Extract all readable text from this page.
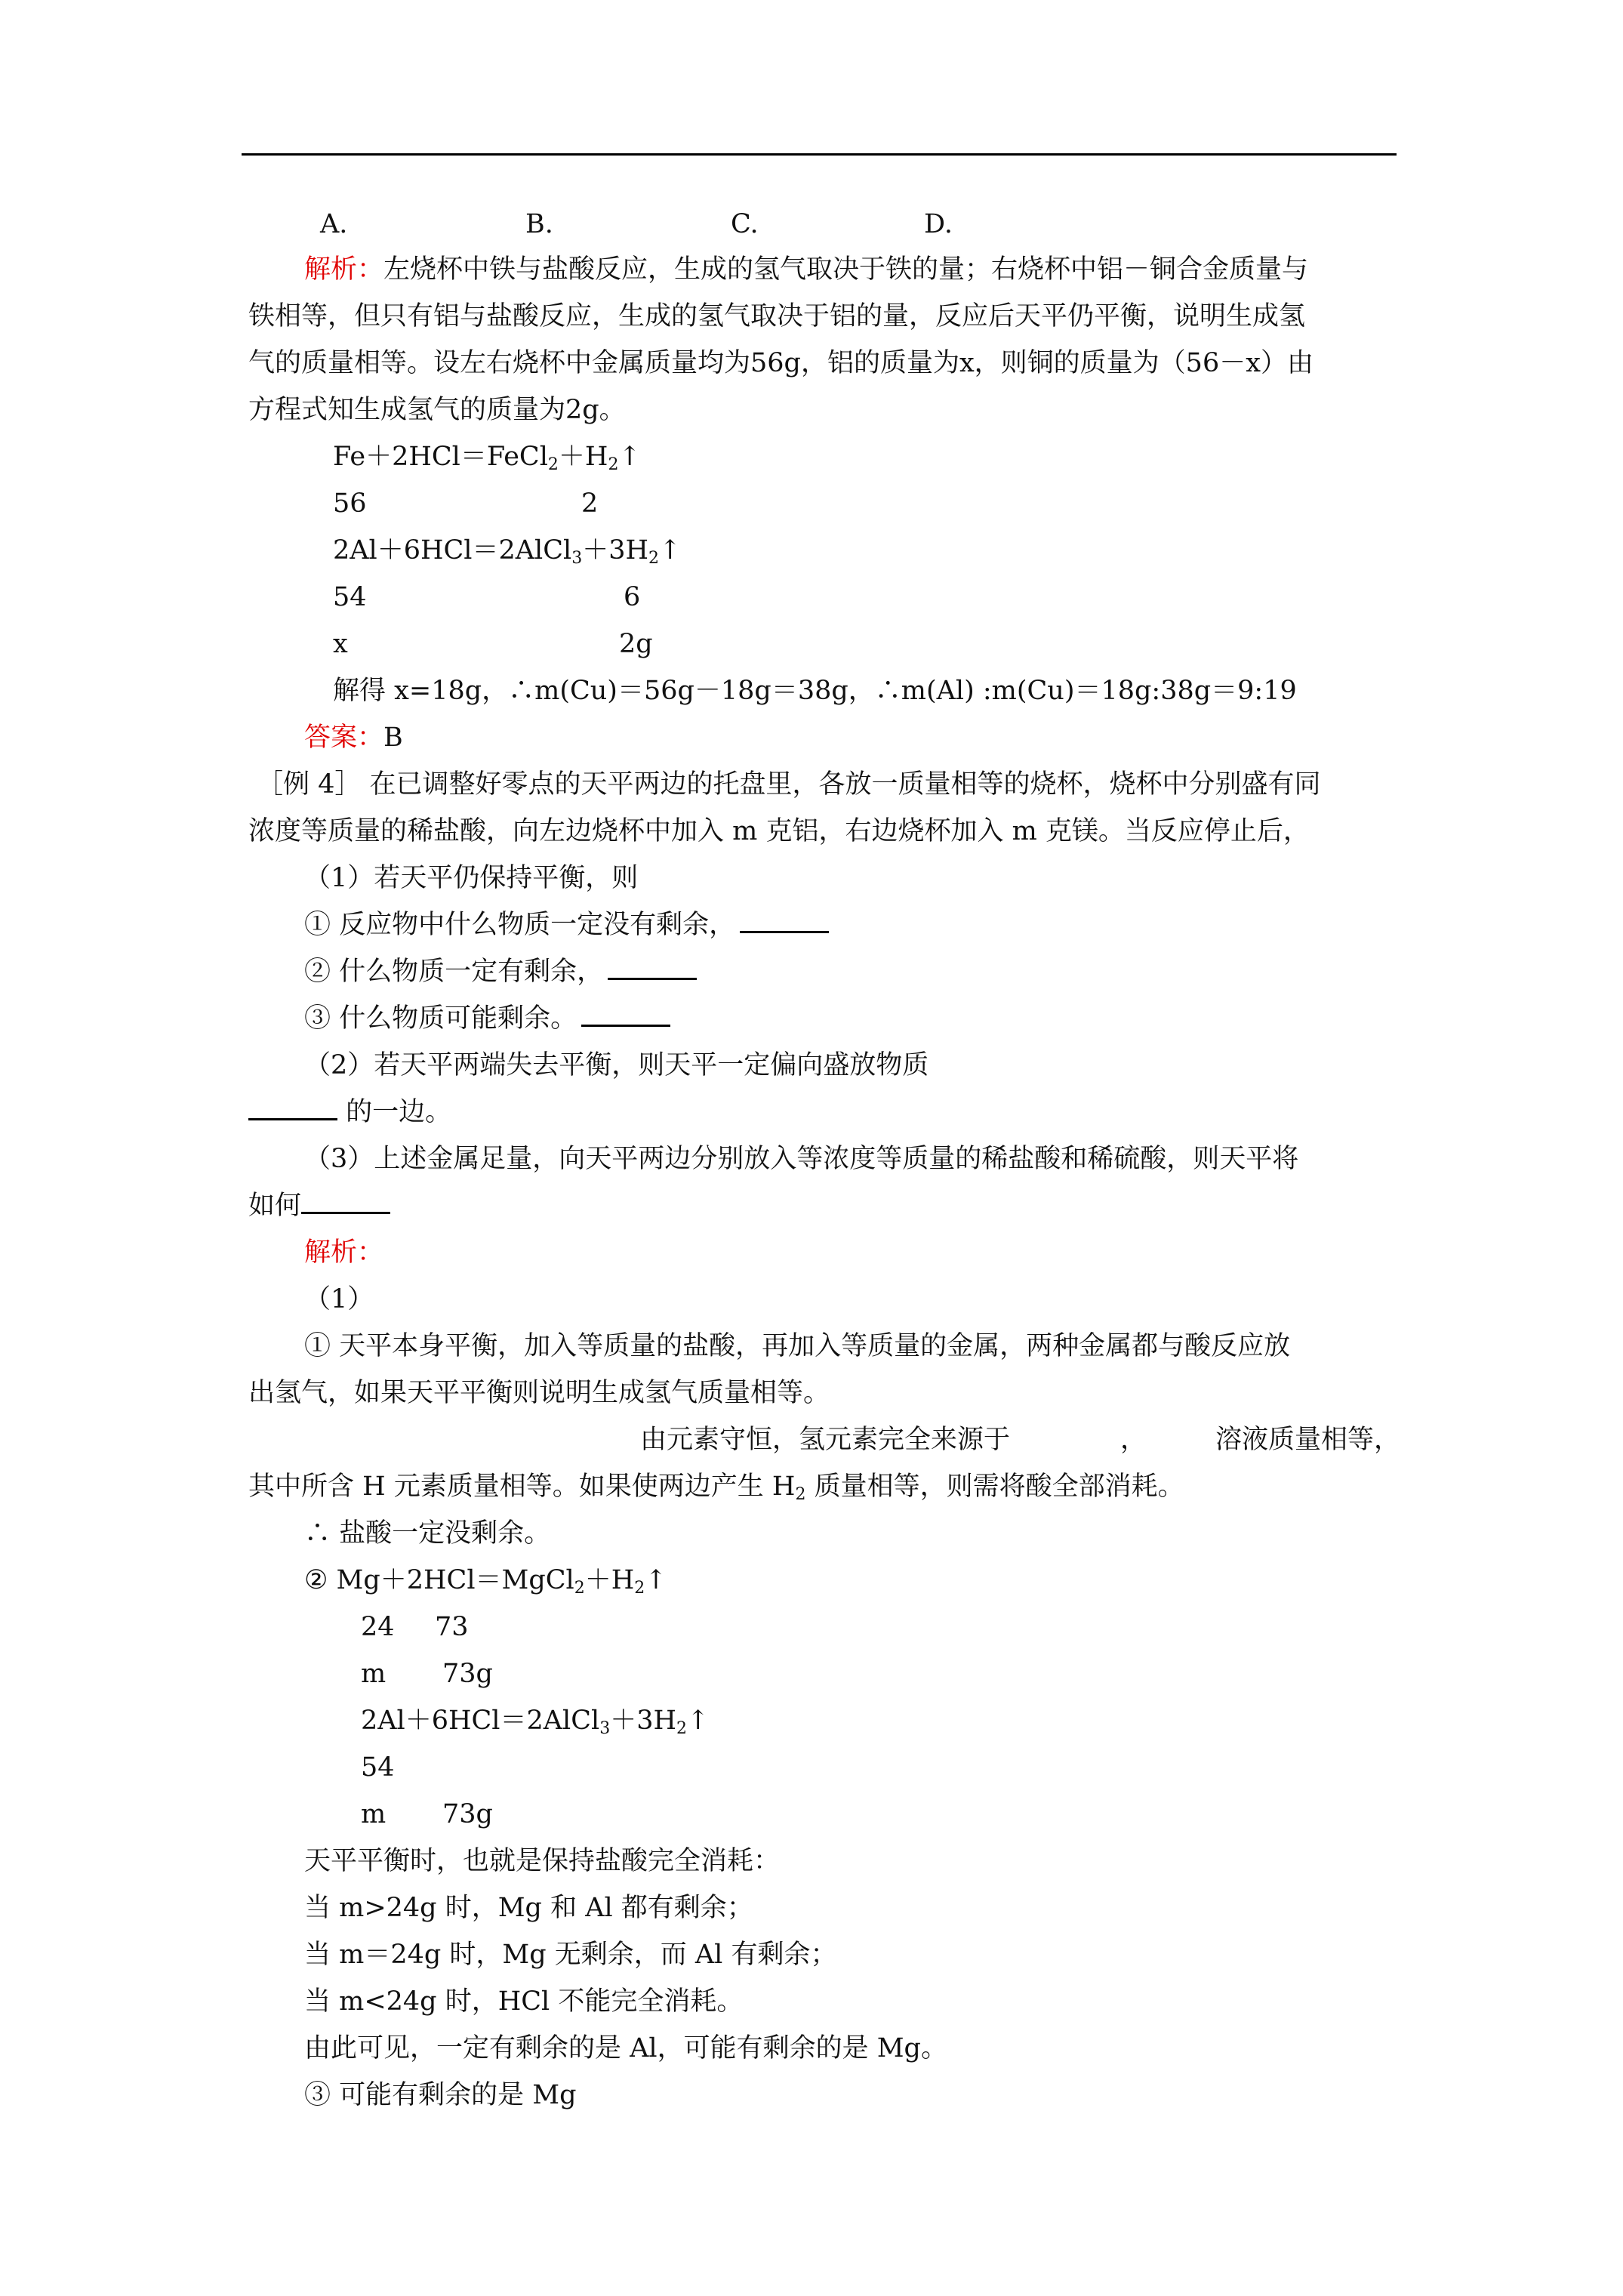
A.	B.	C.	D.
解析：左烧杯中铁与盐酸反应，生成的氢气取决于铁的量；右烧杯中铝－铜合金质量与
铁相等，但只有铝与盐酸反应，生成的氢气取决于铝的量，反应后天平仍平衡，说明生成氢
气的质量相等。设左右烧杯中金属质量均为56g，铝的质量为x，则铜的质量为（56－x）由
方程式知生成氢气的质量为2g。
$Fe+2HCl=FeCl_2+H_2↑$
56	2
$2Al+6HCl=2AlCl_3+3H_2↑$
54	6
x	2g
解得 x=18g，∴m(Cu)＝56g－18g＝38g，∴m(Al) :m(Cu)＝18g:38g＝9:19
答案：B
［例 4］ 在已调整好零点的天平两边的托盘里，各放一质量相等的烧杯，烧杯中分别盛有同
浓度等质量的稀盐酸，向左边烧杯中加入 m 克铝，右边烧杯加入 m 克镁。当反应停止后，
（1）若天平仍保持平衡，则
① 反应物中什么物质一定没有剩余，
② 什么物质一定有剩余，
③ 什么物质可能剩余。
（2）若天平两端失去平衡，则天平一定偏向盛放物质
的一边。
（3）上述金属足量，向天平两边分别放入等浓度等质量的稀盐酸和稀硫酸，则天平将
如何
解析：
（1）
① 天平本身平衡，加入等质量的盐酸，再加入等质量的金属，两种金属都与酸反应放
出氢气，如果天平平衡则说明生成氢气质量相等。
由元素守恒，氢元素完全来源于	，	溶液质量相等，
其中所含 H 元素质量相等。如果使两边产生 $H_2$ 质量相等，则需将酸全部消耗。
∴ 盐酸一定没剩余。
② $Mg+2HCl=MgCl_2+H_2↑$
24 73
m 73g
$2Al+6HCl=2AlCl_3+3H_2↑$
54
m 73g
天平平衡时，也就是保持盐酸完全消耗：
当 m>24g 时，Mg 和 Al 都有剩余；
当 m＝24g 时，Mg 无剩余，而 Al 有剩余；
当 m<24g 时，HCl 不能完全消耗。
由此可见，一定有剩余的是 Al，可能有剩余的是 Mg。
③ 可能有剩余的是 Mg
